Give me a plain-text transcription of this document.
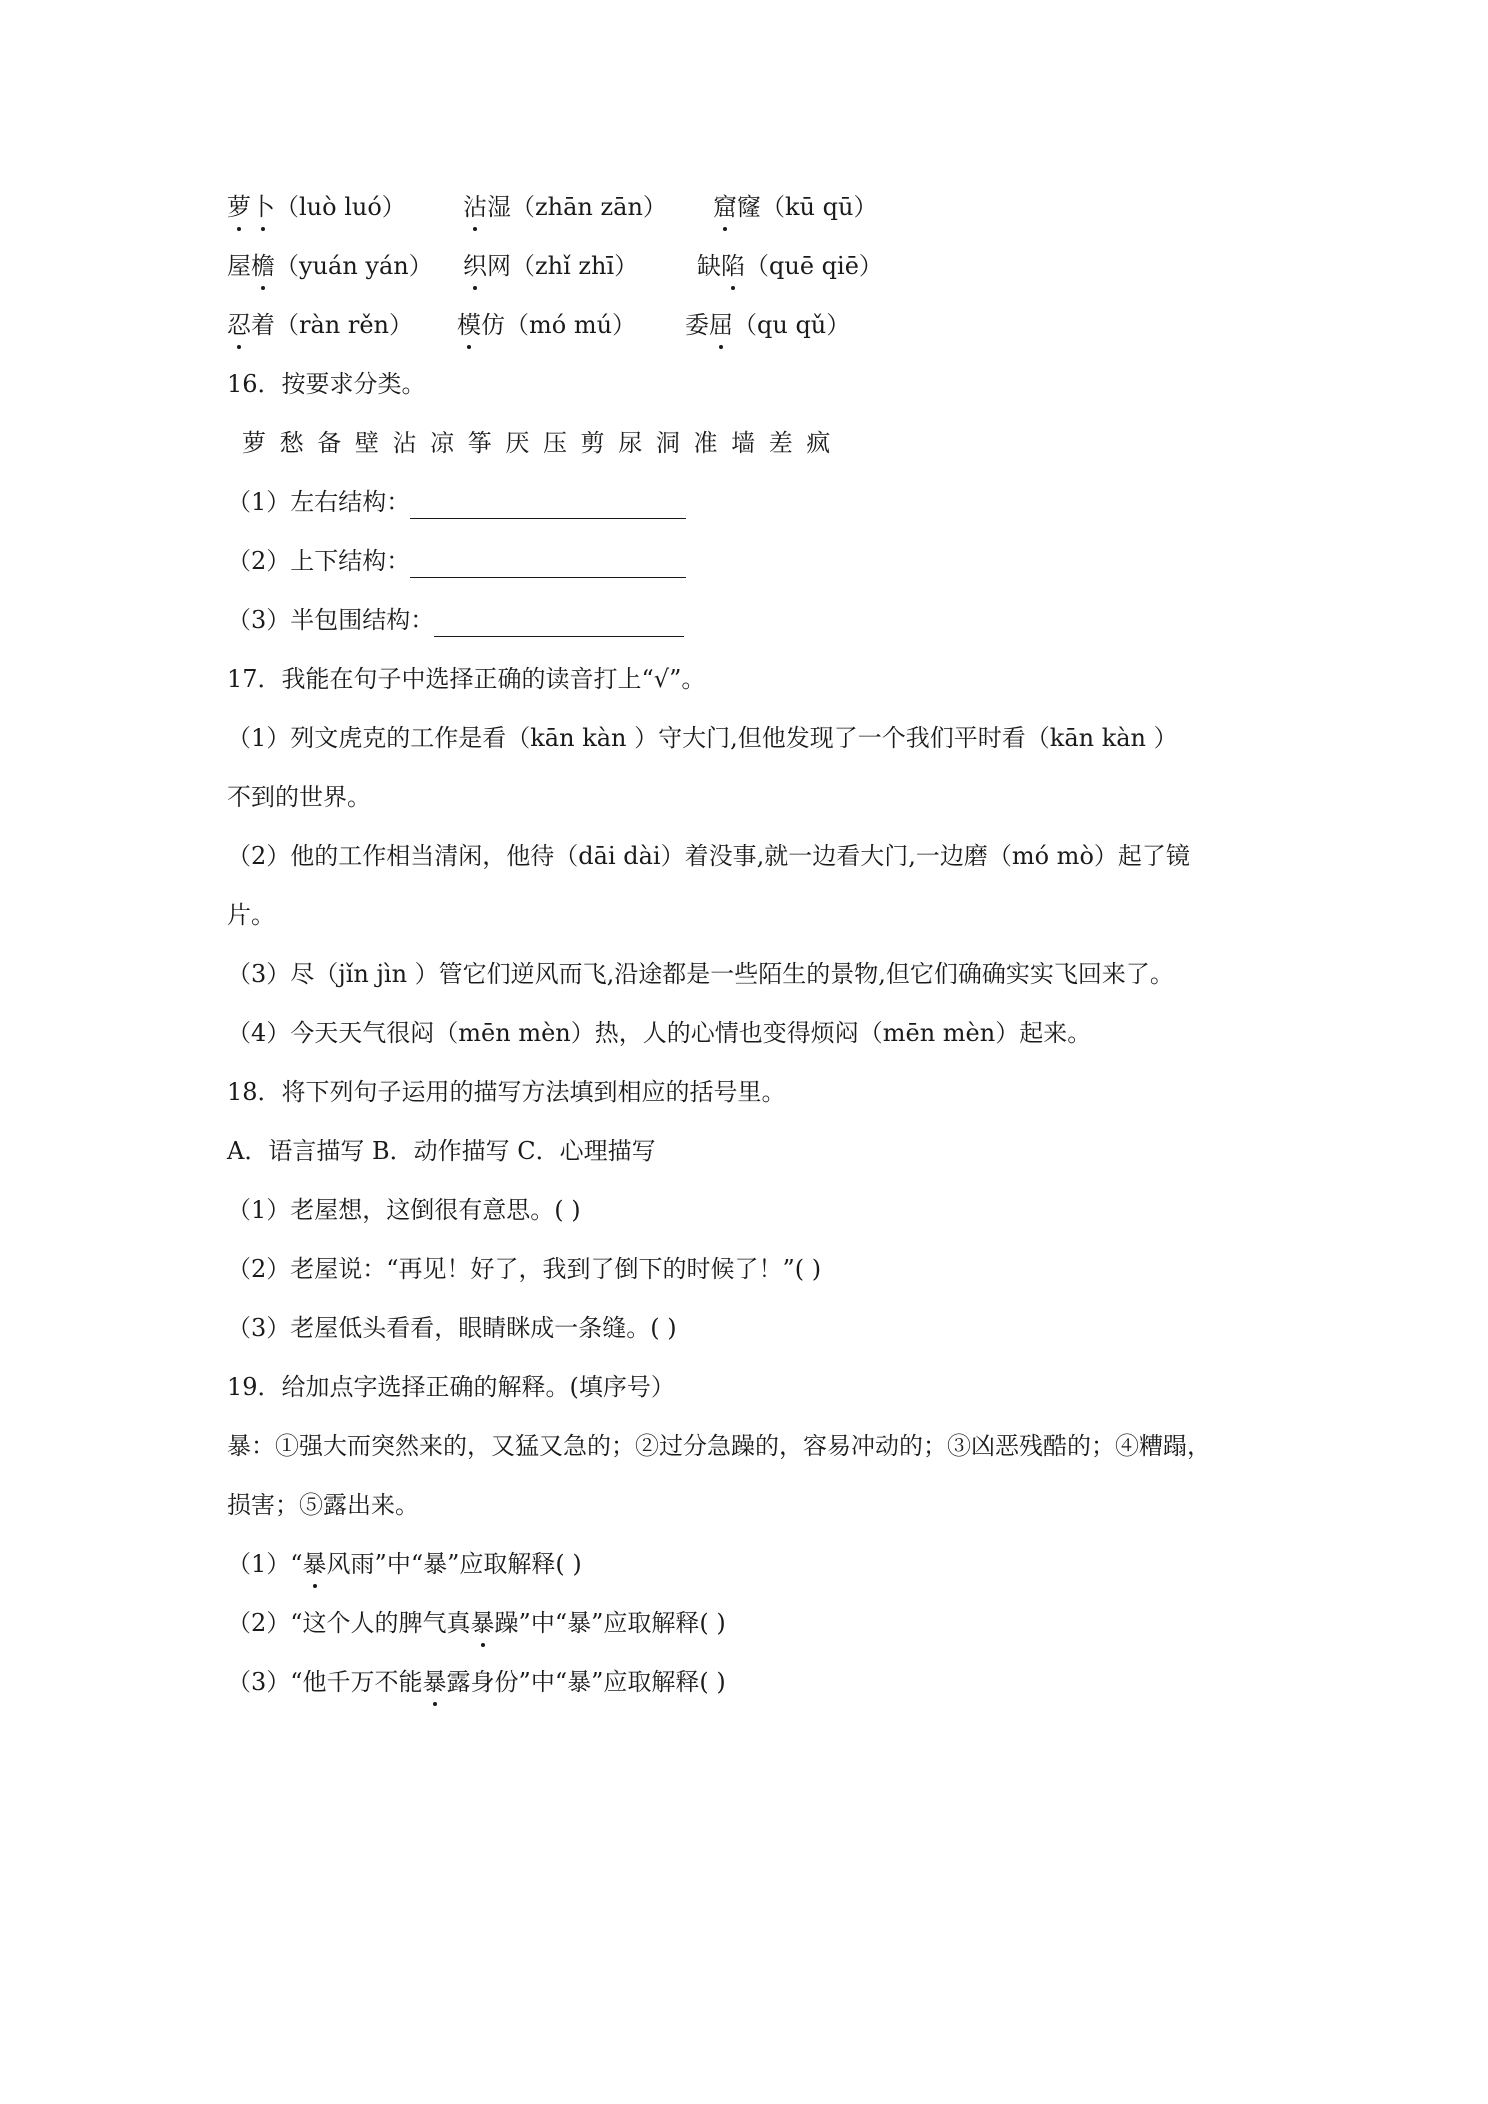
萝卜（luò luó） 沾湿（zhān zān） 窟窿（kū qū）
屋檐（yuán yán） 织网（zhǐ zhī） 缺陷（quē qiē）
忍着（ràn rěn） 模仿（mó mú） 委屈（qu qǔ）
16．按要求分类。
萝 愁 备 壁 沾 凉 筝 厌 压 剪 尿 洞 准 墙 差 疯
（1）左右结构：
（2）上下结构：
（3）半包围结构：
17．我能在句子中选择正确的读音打上“√”。
（1）列文虎克的工作是看（kān kàn ）守大门,但他发现了一个我们平时看（kān kàn ）
不到的世界。
（2）他的工作相当清闲，他待（dāi dài）着没事,就一边看大门,一边磨（mó mò）起了镜
片。
（3）尽（jǐn jìn ）管它们逆风而飞,沿途都是一些陌生的景物,但它们确确实实飞回来了。
（4）今天天气很闷（mēn mèn）热，人的心情也变得烦闷（mēn mèn）起来。
18．将下列句子运用的描写方法填到相应的括号里。
A．语言描写 B．动作描写 C．心理描写
（1）老屋想，这倒很有意思。( )
（2）老屋说：“再见！好了，我到了倒下的时候了！”( )
（3）老屋低头看看，眼睛眯成一条缝。( )
19．给加点字选择正确的解释。(填序号）
暴：①强大而突然来的，又猛又急的；②过分急躁的，容易冲动的；③凶恶残酷的；④糟蹋，
损害；⑤露出来。
（1）“暴风雨”中“暴”应取解释( )
（2）“这个人的脾气真暴躁”中“暴”应取解释( )
（3）“他千万不能暴露身份”中“暴”应取解释( )
